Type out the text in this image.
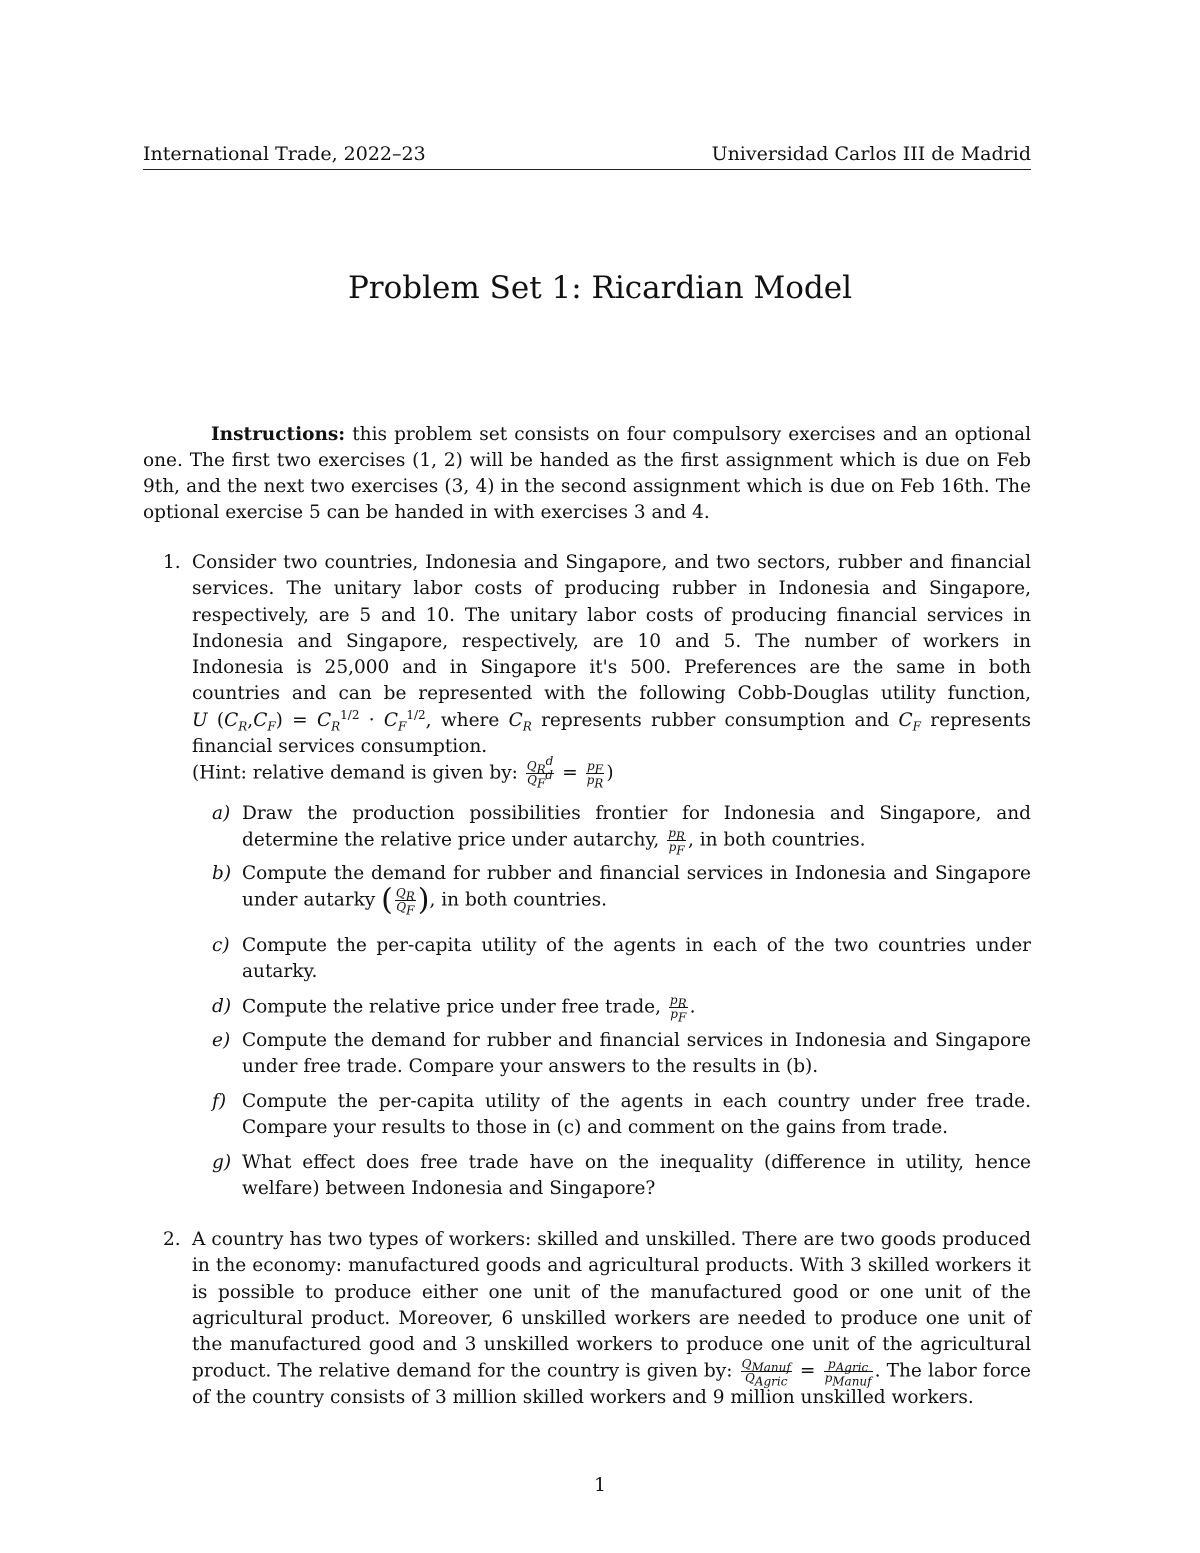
International Trade, 2022–23	Universidad Carlos III de Madrid
Problem Set 1: Ricardian Model
Instructions: this problem set consists on four compulsory exercises and an optional one. The first two exercises (1, 2) will be handed as the first assignment which is due on Feb 9th, and the next two exercises (3, 4) in the second assignment which is due on Feb 16th. The optional exercise 5 can be handed in with exercises 3 and 4.
1. Consider two countries, Indonesia and Singapore, and two sectors, rubber and financial services. The unitary labor costs of producing rubber in Indonesia and Singapore, respectively, are 5 and 10. The unitary labor costs of producing financial services in Indonesia and Singapore, respectively, are 10 and 5. The number of workers in Indonesia is 25,000 and in Singapore it's 500. Preferences are the same in both countries and can be represented with the following Cobb-Douglas utility function, U $(C_R,C_F) = C_R^{1/2} \cdot C_F^{1/2}$, where $C_R$ represents rubber consumption and $C_F$ represents financial services consumption.
(Hint: relative demand is given by: $\frac{Q_R^d}{Q_F^d} = \frac{p_F}{p_R}$ )
a) Draw the production possibilities frontier for Indonesia and Singapore, and determine the relative price under autarchy, $\frac{p_R}{p_F}$ , in both countries.
b) Compute the demand for rubber and financial services in Indonesia and Singapore under autarky ( $\frac{Q_R}{Q_F}$ ), in both countries.
c) Compute the per-capita utility of the agents in each of the two countries under autarky.
d) Compute the relative price under free trade, $\frac{p_R}{p_F}$ .
e) Compute the demand for rubber and financial services in Indonesia and Singapore under free trade. Compare your answers to the results in (b).
f) Compute the per-capita utility of the agents in each country under free trade. Compare your results to those in (c) and comment on the gains from trade.
g) What effect does free trade have on the inequality (difference in utility, hence welfare) between Indonesia and Singapore?
2. A country has two types of workers: skilled and unskilled. There are two goods produced in the economy: manufactured goods and agricultural products. With 3 skilled workers it is possible to produce either one unit of the manufactured good or one unit of the agricultural product. Moreover, 6 unskilled workers are needed to produce one unit of the manufactured good and 3 unskilled workers to produce one unit of the agricultural product. The relative demand for the country is given by: $\frac{Q_{Manuf}}{Q_{Agric}} = \frac{p_{Agric}}{p_{Manuf}}$ . The labor force of the country consists of 3 million skilled workers and 9 million unskilled workers.
1
